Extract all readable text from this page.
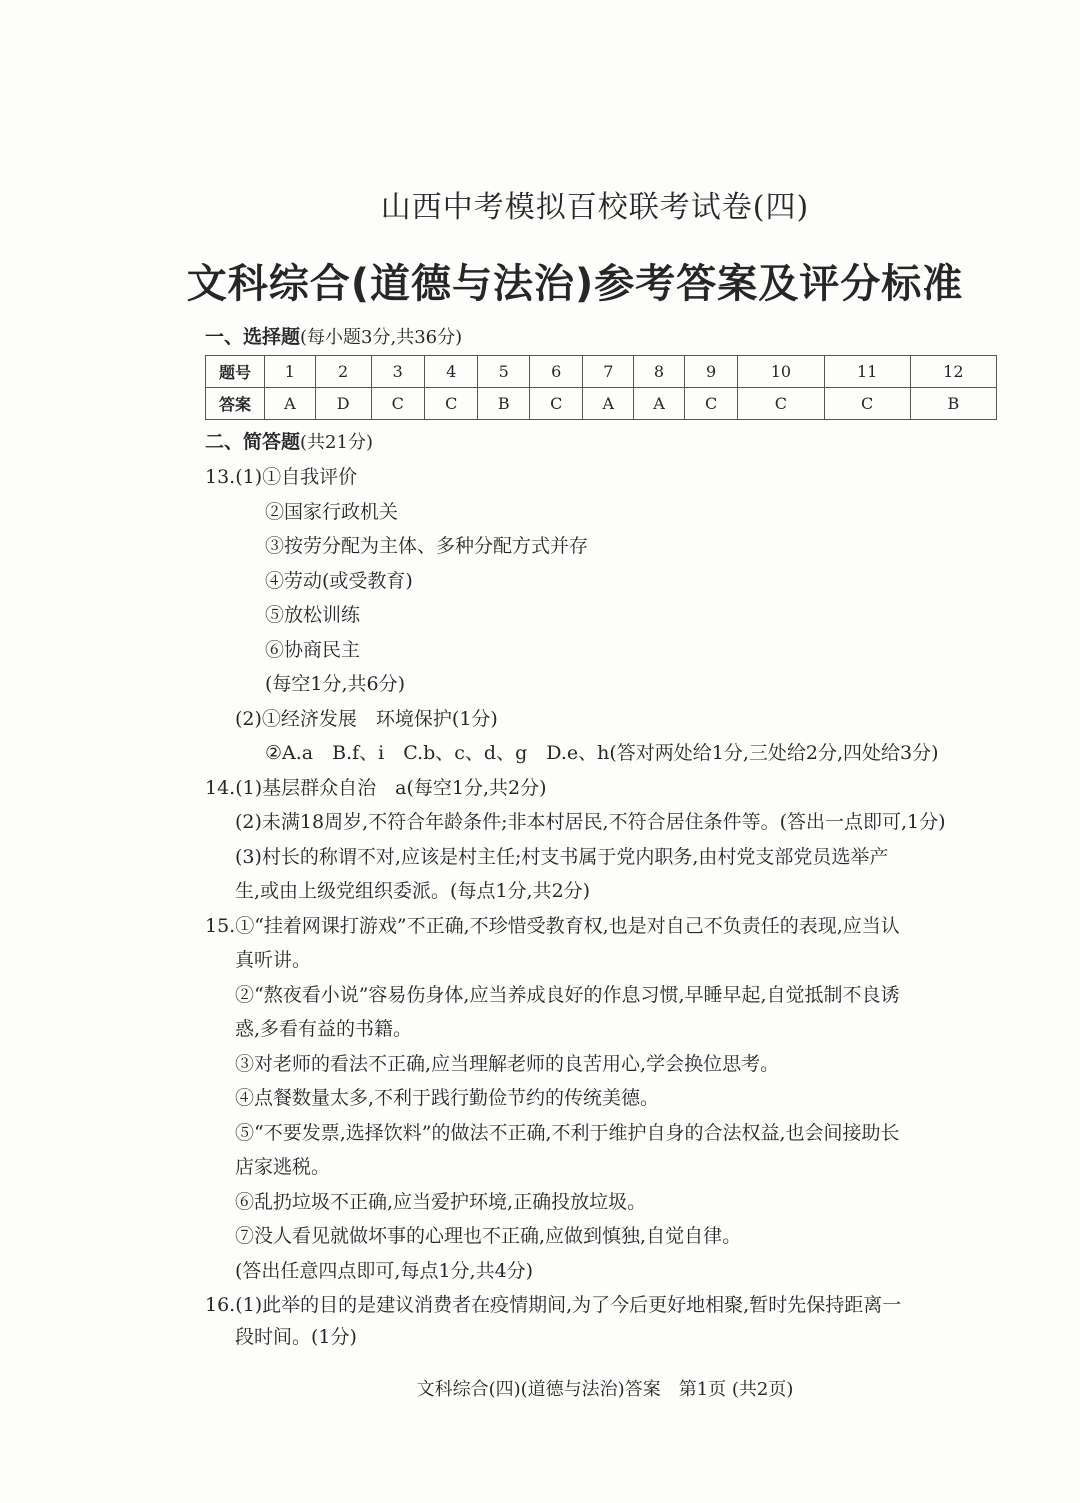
山西中考模拟百校联考试卷(四)
文科综合(道德与法治)参考答案及评分标准
一、选择题(每小题3分,共36分)
题号	1	2	3	4	5	6	7	8	9	10	11	12
答案	A	D	C	C	B	C	A	A	C	C	C	B
二、简答题(共21分)
13.(1)①自我评价
②国家行政机关
③按劳分配为主体、多种分配方式并存
④劳动(或受教育)
⑤放松训练
⑥协商民主
(每空1分,共6分)
(2)①经济发展　环境保护(1分)
②A.a　B.f、i　C.b、c、d、g　D.e、h(答对两处给1分,三处给2分,四处给3分)
14.(1)基层群众自治　a(每空1分,共2分)
(2)未满18周岁,不符合年龄条件;非本村居民,不符合居住条件等。(答出一点即可,1分)
(3)村长的称谓不对,应该是村主任;村支书属于党内职务,由村党支部党员选举产
生,或由上级党组织委派。(每点1分,共2分)
15.①“挂着网课打游戏”不正确,不珍惜受教育权,也是对自己不负责任的表现,应当认
真听讲。
②“熬夜看小说”容易伤身体,应当养成良好的作息习惯,早睡早起,自觉抵制不良诱
惑,多看有益的书籍。
③对老师的看法不正确,应当理解老师的良苦用心,学会换位思考。
④点餐数量太多,不利于践行勤俭节约的传统美德。
⑤“不要发票,选择饮料”的做法不正确,不利于维护自身的合法权益,也会间接助长
店家逃税。
⑥乱扔垃圾不正确,应当爱护环境,正确投放垃圾。
⑦没人看见就做坏事的心理也不正确,应做到慎独,自觉自律。
(答出任意四点即可,每点1分,共4分)
16.(1)此举的目的是建议消费者在疫情期间,为了今后更好地相聚,暂时先保持距离一
段时间。(1分)
文科综合(四)(道德与法治)答案　第1页 (共2页)
